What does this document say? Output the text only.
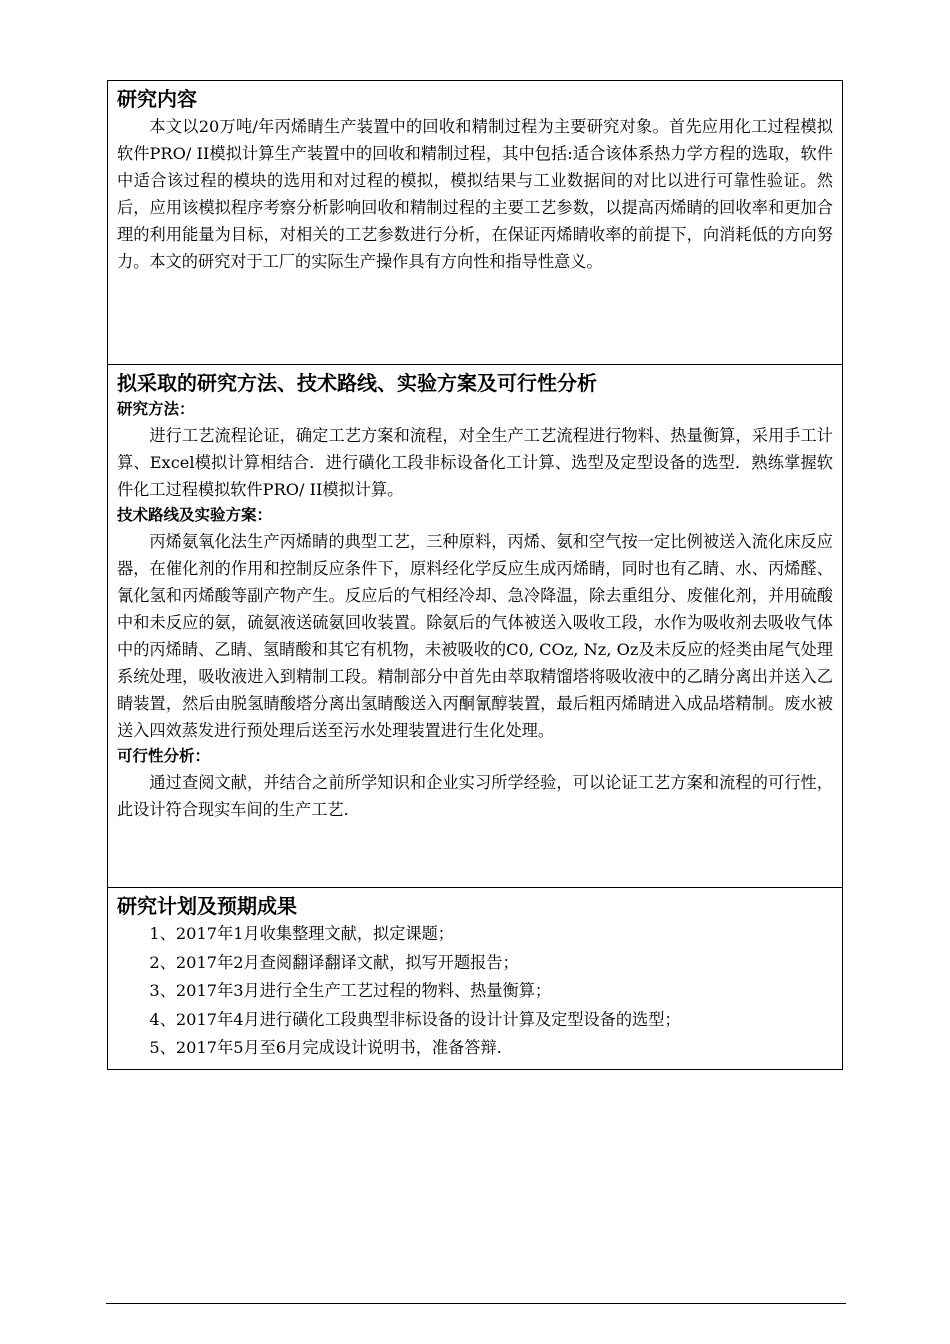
研究内容

本文以20万吨/年丙烯睛生产装置中的回收和精制过程为主要研究对象。首先应用化工过程模拟软件PRO/ II模拟计算生产装置中的回收和精制过程，其中包括:适合该体系热力学方程的选取，软件中适合该过程的模块的选用和对过程的模拟，模拟结果与工业数据间的对比以进行可靠性验证。然后，应用该模拟程序考察分析影响回收和精制过程的主要工艺参数，以提高丙烯睛的回收率和更加合理的利用能量为目标，对相关的工艺参数进行分析，在保证丙烯睛收率的前提下，向消耗低的方向努力。本文的研究对于工厂的实际生产操作具有方向性和指导性意义。

拟采取的研究方法、技术路线、实验方案及可行性分析

研究方法：

进行工艺流程论证，确定工艺方案和流程，对全生产工艺流程进行物料、热量衡算，采用手工计算、Excel模拟计算相结合．进行磺化工段非标设备化工计算、选型及定型设备的选型．熟练掌握软件化工过程模拟软件PRO/ II模拟计算。

技术路线及实验方案：

丙烯氨氧化法生产丙烯睛的典型工艺，三种原料，丙烯、氨和空气按一定比例被送入流化床反应器，在催化剂的作用和控制反应条件下，原料经化学反应生成丙烯睛，同时也有乙睛、水、丙烯醛、氰化氢和丙烯酸等副产物产生。反应后的气相经冷却、急冷降温，除去重组分、废催化剂，并用硫酸中和未反应的氨，硫氨液送硫氨回收装置。除氨后的气体被送入吸收工段，水作为吸收剂去吸收气体中的丙烯睛、乙睛、氢睛酸和其它有机物，未被吸收的C0, COz, Nz, Oz及未反应的烃类由尾气处理系统处理，吸收液进入到精制工段。精制部分中首先由萃取精馏塔将吸收液中的乙睛分离出并送入乙睛装置，然后由脱氢睛酸塔分离出氢睛酸送入丙酮氰醇装置，最后粗丙烯睛进入成品塔精制。废水被送入四效蒸发进行预处理后送至污水处理装置进行生化处理。

可行性分析：

通过查阅文献，并结合之前所学知识和企业实习所学经验，可以论证工艺方案和流程的可行性，此设计符合现实车间的生产工艺.

研究计划及预期成果

1、2017年1月收集整理文献，拟定课题；

2、2017年2月查阅翻译翻译文献，拟写开题报告；

3、2017年3月进行全生产工艺过程的物料、热量衡算；

4、2017年4月进行磺化工段典型非标设备的设计计算及定型设备的选型；

5、2017年5月至6月完成设计说明书，准备答辩.
